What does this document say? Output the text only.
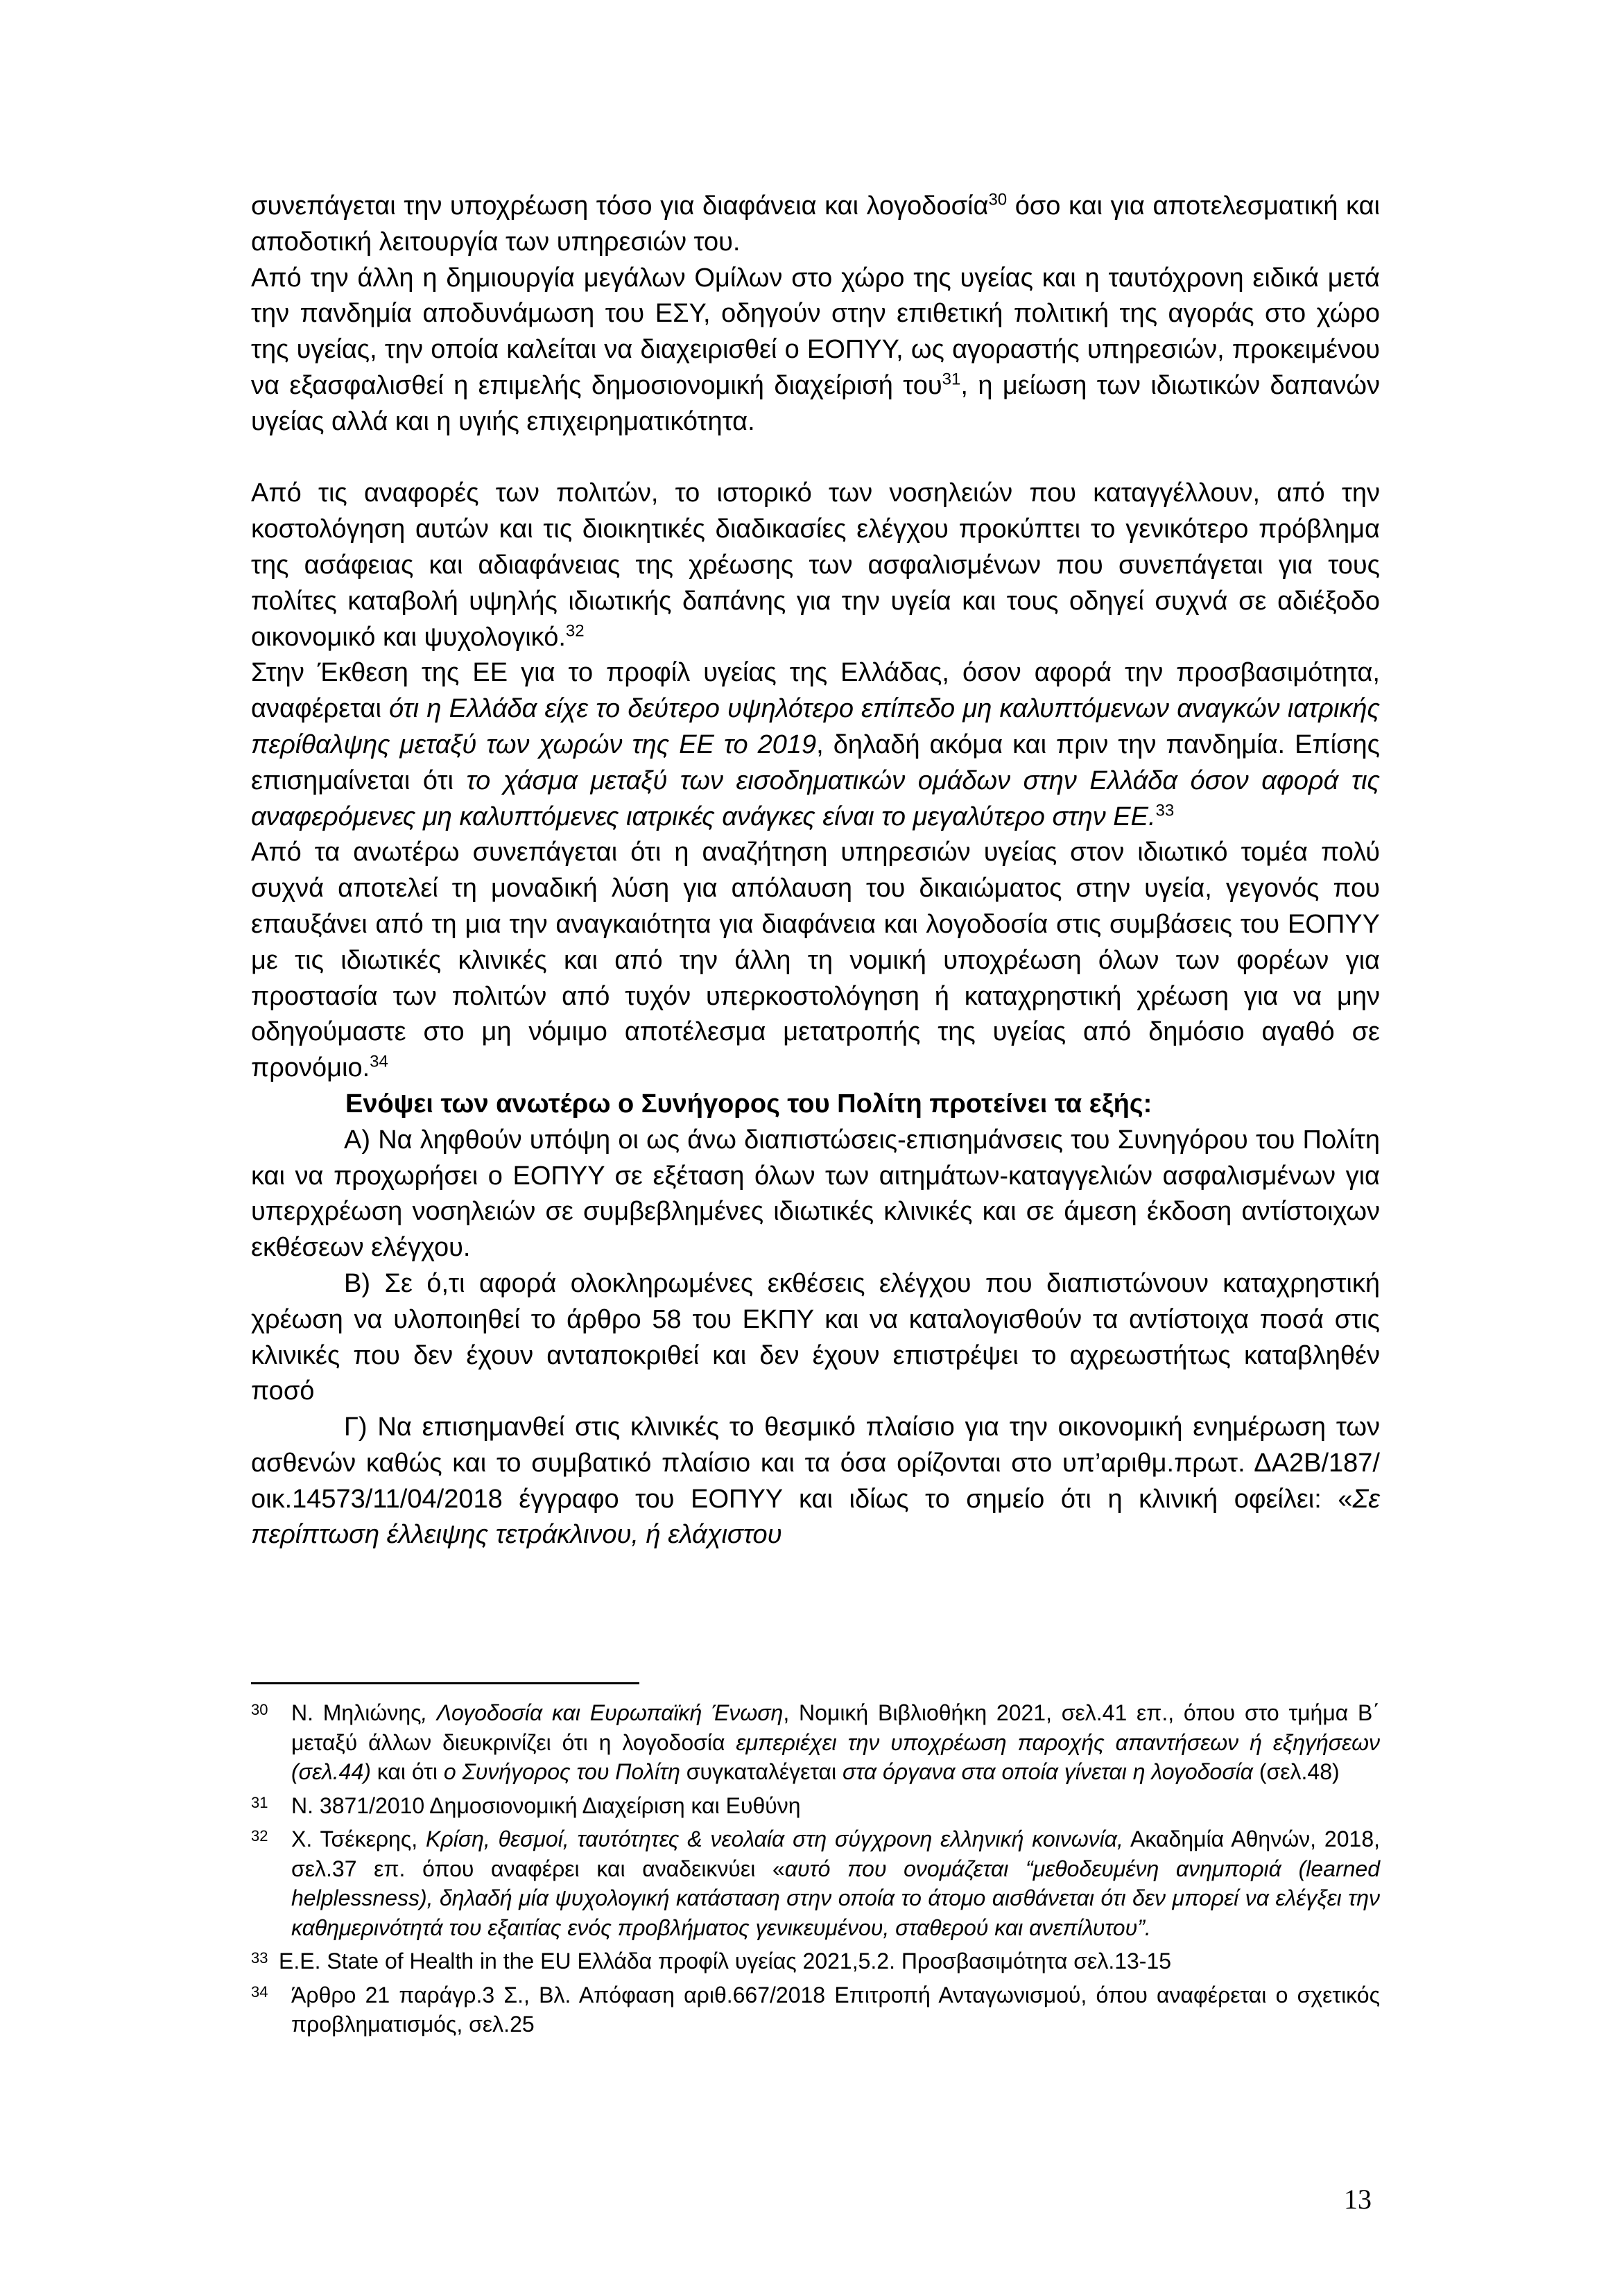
συνεπάγεται την υποχρέωση τόσο για διαφάνεια και λογοδοσία$^{30}$ όσο και για αποτελεσματική και αποδοτική λειτουργία των υπηρεσιών του.

Από την άλλη η δημιουργία μεγάλων Ομίλων στο χώρο της υγείας και η ταυτόχρονη ειδικά μετά την πανδημία αποδυνάμωση του ΕΣΥ, οδηγούν στην επιθετική πολιτική της αγοράς στο χώρο της υγείας, την οποία καλείται να διαχειρισθεί ο ΕΟΠΥΥ, ως αγοραστής υπηρεσιών, προκειμένου να εξασφαλισθεί η επιμελής δημοσιονομική διαχείρισή του$^{31}$, η μείωση των ιδιωτικών δαπανών υγείας αλλά και η υγιής επιχειρηματικότητα.

Από τις αναφορές των πολιτών, το ιστορικό των νοσηλειών που καταγγέλλουν, από την κοστολόγηση αυτών και τις διοικητικές διαδικασίες ελέγχου προκύπτει το γενικότερο πρόβλημα της ασάφειας και αδιαφάνειας της χρέωσης των ασφαλισμένων που συνεπάγεται για τους πολίτες καταβολή υψηλής ιδιωτικής δαπάνης για την υγεία και τους οδηγεί συχνά σε αδιέξοδο οικονομικό και ψυχολογικό.$^{32}$

Στην Έκθεση της ΕΕ για το προφίλ υγείας της Ελλάδας, όσον αφορά την προσβασιμότητα, αναφέρεται ότι η Ελλάδα είχε το δεύτερο υψηλότερο επίπεδο μη καλυπτόμενων αναγκών ιατρικής περίθαλψης μεταξύ των χωρών της ΕΕ το 2019, δηλαδή ακόμα και πριν την πανδημία. Επίσης επισημαίνεται ότι το χάσμα μεταξύ των εισοδηματικών ομάδων στην Ελλάδα όσον αφορά τις αναφερόμενες μη καλυπτόμενες ιατρικές ανάγκες είναι το μεγαλύτερο στην ΕΕ.$^{33}$

Από τα ανωτέρω συνεπάγεται ότι η αναζήτηση υπηρεσιών υγείας στον ιδιωτικό τομέα πολύ συχνά αποτελεί τη μοναδική λύση για απόλαυση του δικαιώματος στην υγεία, γεγονός που επαυξάνει από τη μια την αναγκαιότητα για διαφάνεια και λογοδοσία στις συμβάσεις του ΕΟΠΥΥ με τις ιδιωτικές κλινικές και από την άλλη τη νομική υποχρέωση όλων των φορέων για προστασία των πολιτών από τυχόν υπερκοστολόγηση ή καταχρηστική χρέωση για να μην οδηγούμαστε στο μη νόμιμο αποτέλεσμα μετατροπής της υγείας από δημόσιο αγαθό σε προνόμιο.$^{34}$

Ενόψει των ανωτέρω ο Συνήγορος του Πολίτη προτείνει τα εξής:

Α) Να ληφθούν υπόψη οι ως άνω διαπιστώσεις-επισημάνσεις του Συνηγόρου του Πολίτη και να προχωρήσει ο ΕΟΠΥΥ σε εξέταση όλων των αιτημάτων-καταγγελιών ασφαλισμένων για υπερχρέωση νοσηλειών σε συμβεβλημένες ιδιωτικές κλινικές και σε άμεση έκδοση αντίστοιχων εκθέσεων ελέγχου.

Β) Σε ό,τι αφορά ολοκληρωμένες εκθέσεις ελέγχου που διαπιστώνουν καταχρηστική χρέωση να υλοποιηθεί το άρθρο 58 του ΕΚΠΥ και να καταλογισθούν τα αντίστοιχα ποσά στις κλινικές που δεν έχουν ανταποκριθεί και δεν έχουν επιστρέψει το αχρεωστήτως καταβληθέν ποσό

Γ) Να επισημανθεί στις κλινικές το θεσμικό πλαίσιο για την οικονομική ενημέρωση των ασθενών καθώς και το συμβατικό πλαίσιο και τα όσα ορίζονται στο υπ’αριθμ.πρωτ. ΔΑ2Β/187/οικ.14573/11/04/2018 έγγραφο του ΕΟΠΥΥ και ιδίως το σημείο ότι η κλινική οφείλει: «Σε περίπτωση έλλειψης τετράκλινου, ή ελάχιστου

30 Ν. Μηλιώνης, Λογοδοσία και Ευρωπαϊκή Ένωση, Νομική Βιβλιοθήκη 2021, σελ.41 επ., όπου στο τμήμα Β΄ μεταξύ άλλων διευκρινίζει ότι η λογοδοσία εμπεριέχει την υποχρέωση παροχής απαντήσεων ή εξηγήσεων (σελ.44) και ότι ο Συνήγορος του Πολίτη συγκαταλέγεται στα όργανα στα οποία γίνεται η λογοδοσία (σελ.48)
31 Ν. 3871/2010 Δημοσιονομική Διαχείριση και Ευθύνη
32 Χ. Τσέκερης, Κρίση, θεσμοί, ταυτότητες & νεολαία στη σύγχρονη ελληνική κοινωνία, Ακαδημία Αθηνών, 2018, σελ.37 επ. όπου αναφέρει και αναδεικνύει «αυτό που ονομάζεται “μεθοδευμένη ανημποριά (learned helplessness), δηλαδή μία ψυχολογική κατάσταση στην οποία το άτομο αισθάνεται ότι δεν μπορεί να ελέγξει την καθημερινότητά του εξαιτίας ενός προβλήματος γενικευμένου, σταθερού και ανεπίλυτου”.
33 Ε.Ε. State of Health in the EU Ελλάδα προφίλ υγείας 2021,5.2. Προσβασιμότητα σελ.13-15
34 Άρθρο 21 παράγρ.3 Σ., Βλ. Απόφαση αριθ.667/2018 Επιτροπή Ανταγωνισμού, όπου αναφέρεται ο σχετικός προβληματισμός, σελ.25
13
